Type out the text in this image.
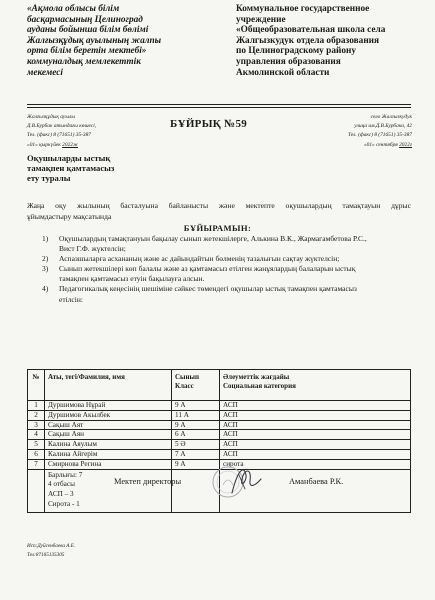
«Ақмола облысы білім
басқармасының Целиноград
ауданы бойынша білім бөлімі
Жалғызқұдық ауылының жалпы
орта білім беретін мектебі»
коммуналдық мемлекеттік
мекемесі
Коммунальное государственное
учреждение
«Общеобразовательная школа села
Жалгызкудук отдела образования
по Целиноградскому району
управления образования
Акмолинской области
Жалғызқұдық ауылы
Д.В.Бурбак атындағы көшесі,
Тел. (факс) 8 (71651) 35-387
«01» қыркүйек 2022ж
БҰЙРЫҚ №59
село Жалгызкудук
улица им.Д.В.Бурбака, 42
Тел. (факс) 8 (71651) 35-387
«01» сентября 2022г
Оқушыларды ыстық
тамақпен қамтамасыз
ету туралы
Жаңа оқу жылының басталуына байланысты және мектепте оқушылардың тамақтауын дұрыс
ұйымдастыру мақсатында
БҰЙЫРАМЫН:
1) Оқушылардың тамақтануын бақылау сынып жетекшілерге, Алькина В.К., Жармагамбетова Р.С.,
Вист Г.Ф. жүктелсін;
2) Аспазшыларға асхананың және ас дайындайтын бөлменің тазалығын сақтау жүктелсін;
3) Сынып жетекшілері көп балалы және аз қамтамасыз етілген жанұялардың балаларын ыстық
тамақпен қамтамасыз етуін бақылауға алсын.
4) Педагогикалық кеңесінің шешіміне сәйкес төмендегі оқушылар ыстық тамақпен қамтамасыз
етілсін:
№	Аты, тегі/Фамилия, имя	Сынып
Класс	Әлеуметтік жағдайы
Социальная категория
1	Дуршимова Нұрай	9 А	АСП
2	Дуршимов Акылбек	11 А	АСП
3	Сақыш Аят	9 А	АСП
4	Сақыш Аян	6 А	АСП
5	Калина Аяулым	5 Ә	АСП
6	Калина Айгерім	7 А	АСП
7	Смирнова Регина	9 А	сирота

	Барлығы: 7
4 отбасы
АСП – 3
Сирота - 1		

Мектеп директоры	Аманбаева Р.К.
Исп:Дуйсенбаева А.Е.
Тел:87165135305
